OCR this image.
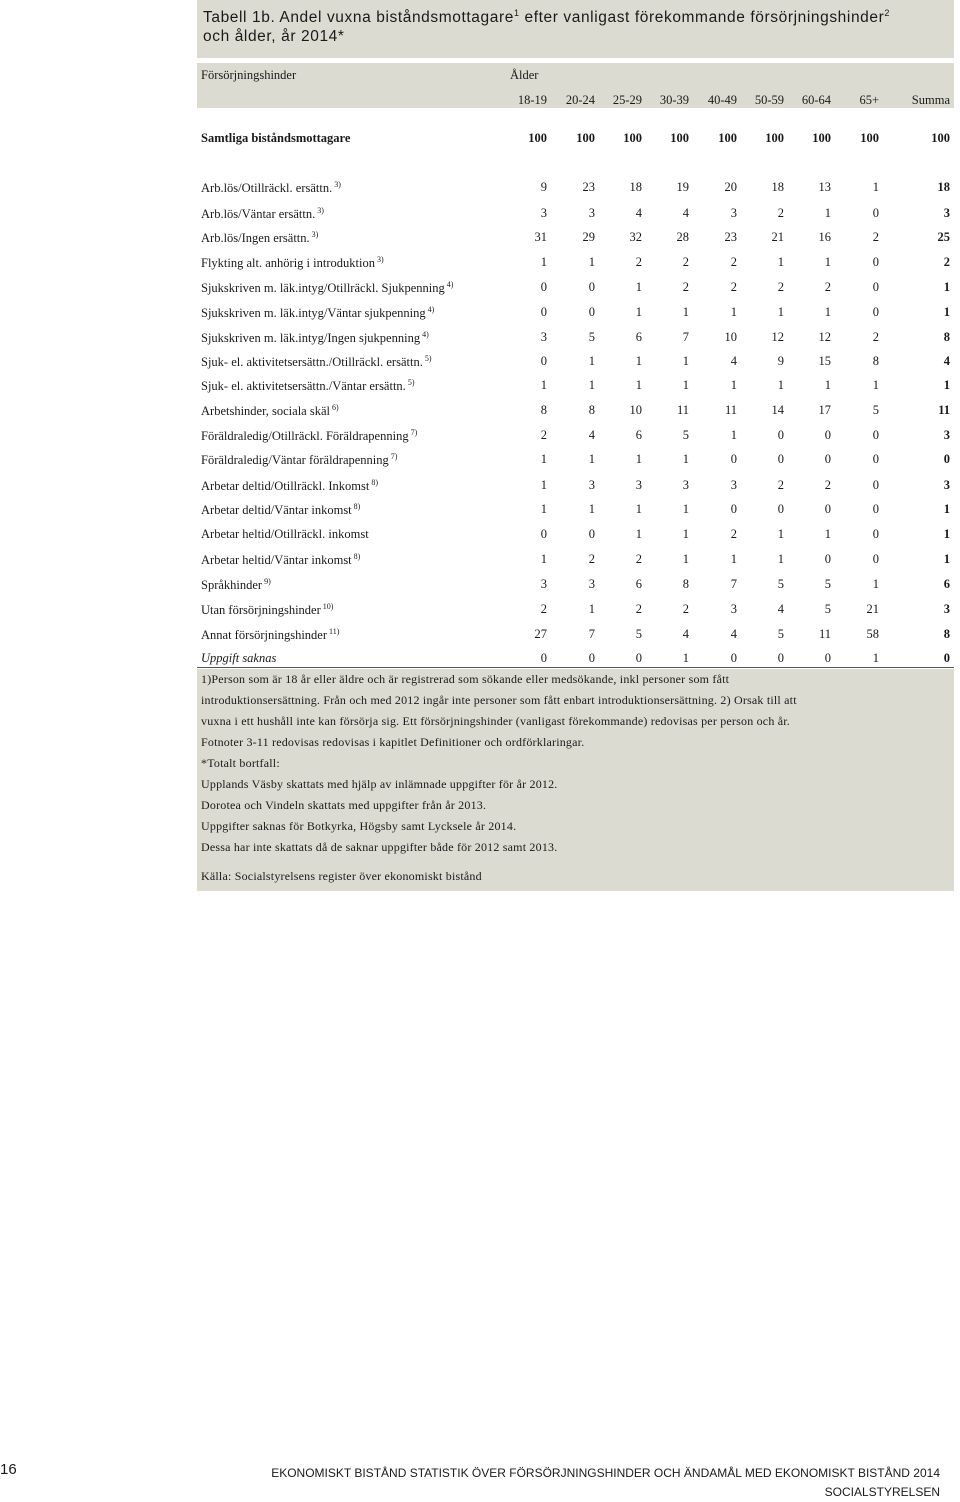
Tabell 1b. Andel vuxna biståndsmottagare$^1$ efter vanligast förekommande försörjningshinder$^2$
och ålder, år 2014*
Försörjningshinder	Ålder
18-19	20-24	25-29	30-39	40-49	50-59	60-64	65+	Summa
Samtliga biståndsmottagare	100	100	100	100	100	100	100	100	100
Arb.lös/Otillräckl. ersättn. $^{3)}$	9	23	18	19	20	18	13	1	18
Arb.lös/Väntar ersättn. $^{3)}$	3	3	4	4	3	2	1	0	3
Arb.lös/Ingen ersättn. $^{3)}$	31	29	32	28	23	21	16	2	25
Flykting alt. anhörig i introduktion $^{3)}$	1	1	2	2	2	1	1	0	2
Sjukskriven m. läk.intyg/Otillräckl. Sjukpenning $^{4)}$	0	0	1	2	2	2	2	0	1
Sjukskriven m. läk.intyg/Väntar sjukpenning $^{4)}$	0	0	1	1	1	1	1	0	1
Sjukskriven m. läk.intyg/Ingen sjukpenning $^{4)}$	3	5	6	7	10	12	12	2	8
Sjuk- el. aktivitetsersättn./Otillräckl. ersättn. $^{5)}$	0	1	1	1	4	9	15	8	4
Sjuk- el. aktivitetsersättn./Väntar ersättn. $^{5)}$	1	1	1	1	1	1	1	1	1
Arbetshinder, sociala skäl $^{6)}$	8	8	10	11	11	14	17	5	11
Föräldraledig/Otillräckl. Föräldrapenning $^{7)}$	2	4	6	5	1	0	0	0	3
Föräldraledig/Väntar föräldrapenning $^{7)}$	1	1	1	1	0	0	0	0	0
Arbetar deltid/Otillräckl. Inkomst $^{8)}$	1	3	3	3	3	2	2	0	3
Arbetar deltid/Väntar inkomst $^{8)}$	1	1	1	1	0	0	0	0	1
Arbetar heltid/Otillräckl. inkomst	0	0	1	1	2	1	1	0	1
Arbetar heltid/Väntar inkomst $^{8)}$	1	2	2	1	1	1	0	0	1
Språkhinder $^{9)}$	3	3	6	8	7	5	5	1	6
Utan försörjningshinder $^{10)}$	2	1	2	2	3	4	5	21	3
Annat försörjningshinder $^{11)}$	27	7	5	4	4	5	11	58	8
Uppgift saknas	0	0	0	1	0	0	0	1	0
1)Person som är 18 år eller äldre och är registrerad som sökande eller medsökande, inkl personer som fått
introduktionsersättning. Från och med 2012 ingår inte personer som fått enbart introduktionsersättning. 2) Orsak till att
vuxna i ett hushåll inte kan försörja sig. Ett försörjningshinder (vanligast förekommande) redovisas per person och år.
Fotnoter 3-11 redovisas redovisas i kapitlet Definitioner och ordförklaringar.
*Totalt bortfall:
Upplands Väsby skattats med hjälp av inlämnade uppgifter för år 2012.
Dorotea och Vindeln skattats med uppgifter från år 2013.
Uppgifter saknas för Botkyrka, Högsby samt Lycksele år 2014.
Dessa har inte skattats då de saknar uppgifter både för 2012 samt 2013.
Källa: Socialstyrelsens register över ekonomiskt bistånd
16	EKONOMISKT BISTÅND STATISTIK ÖVER FÖRSÖRJNINGSHINDER OCH ÄNDAMÅL MED EKONOMISKT BISTÅND 2014
SOCIALSTYRELSEN
